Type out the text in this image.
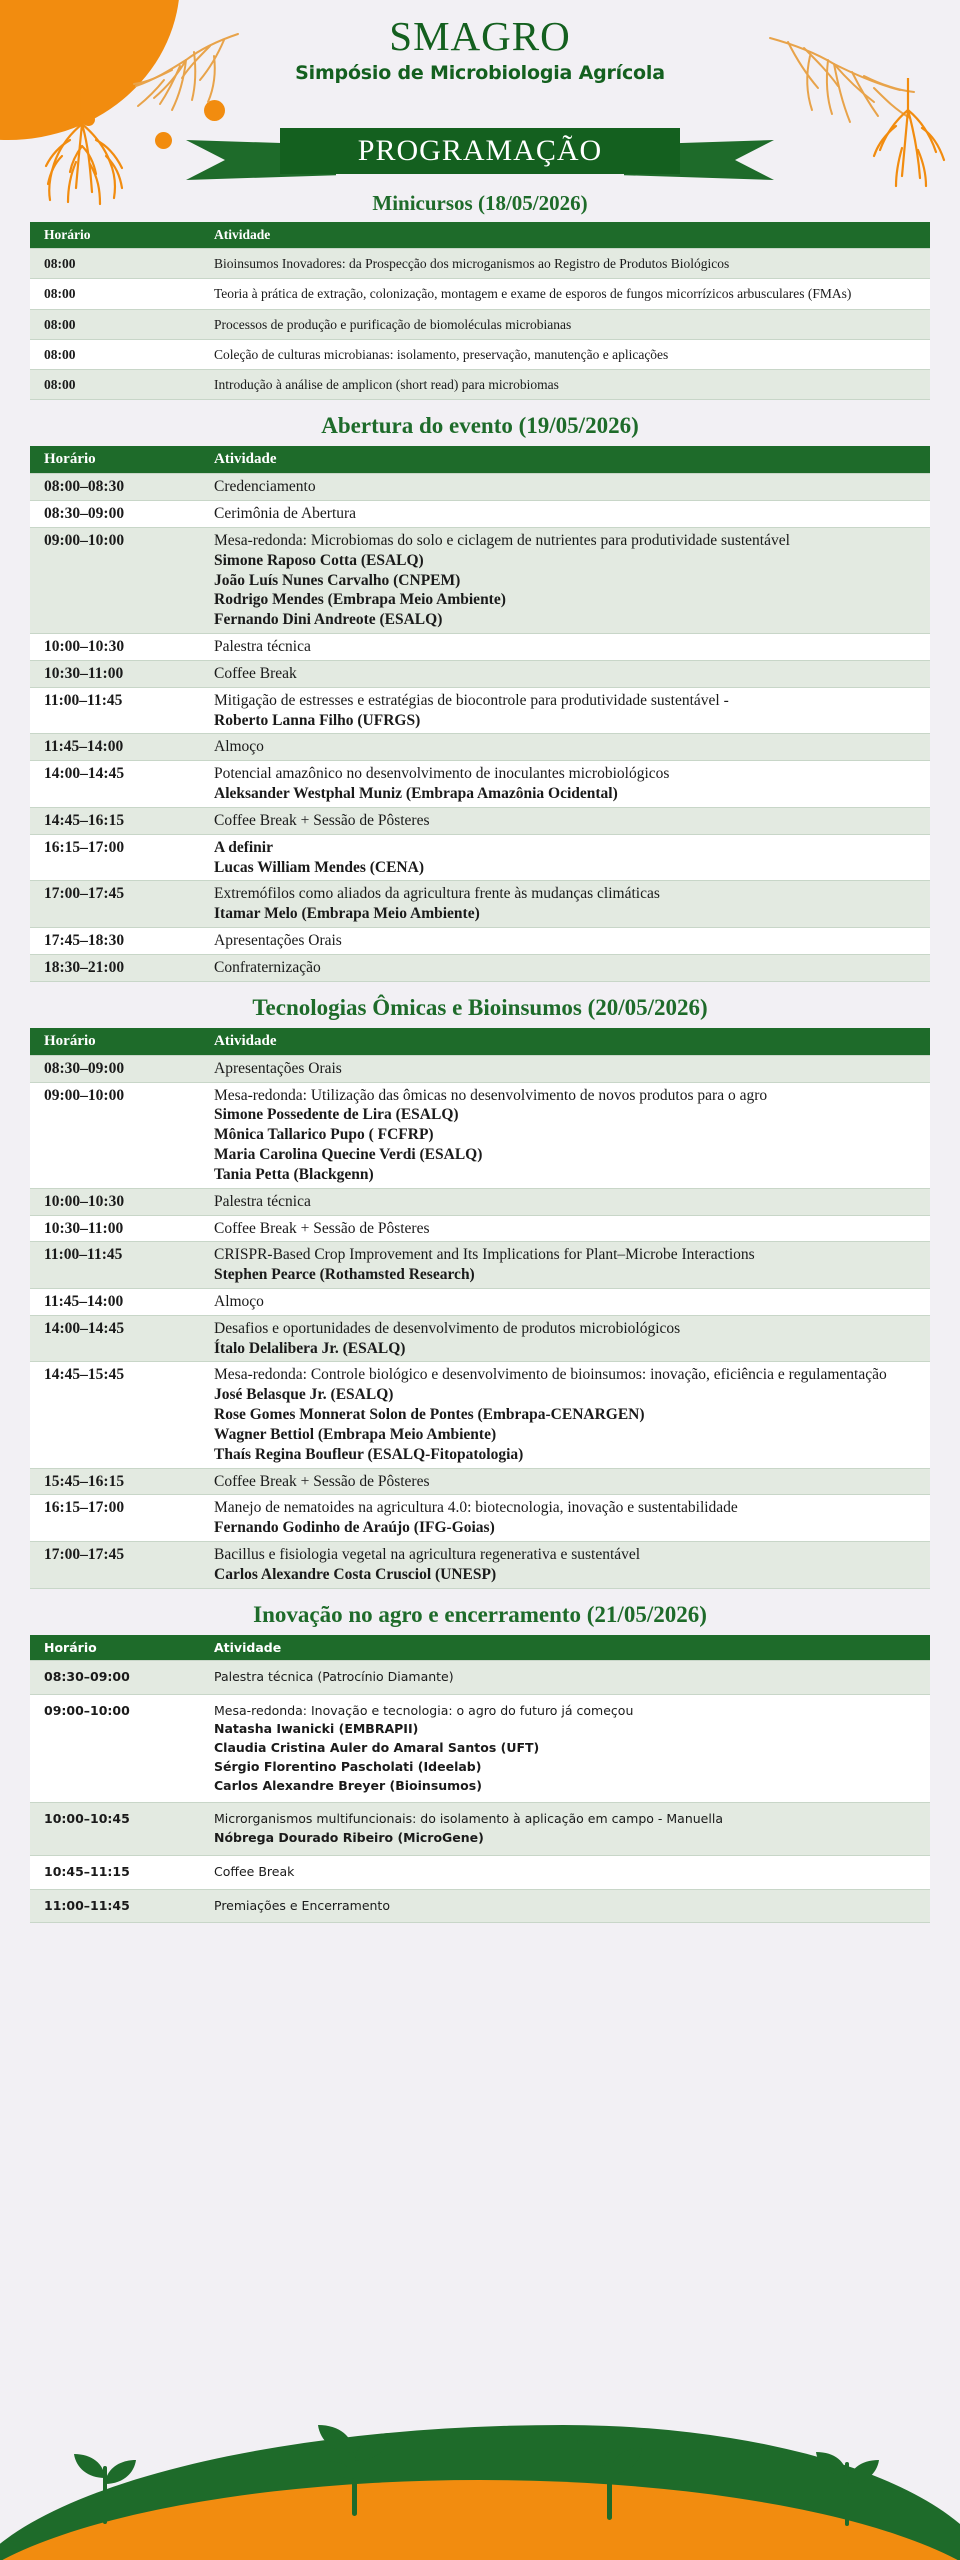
smagro
Simpósio de Microbiologia Agrícola
PROGRAMAÇÃO
Minicursos (18/05/2026)
Horário	Atividade
08:00	Bioinsumos Inovadores: da Prospecção dos microganismos ao Registro de Produtos Biológicos

08:00	Teoria à prática de extração, colonização, montagem e exame de esporos de fungos micorrízicos arbusculares (FMAs)

08:00	Processos de produção e purificação de biomoléculas microbianas

08:00	Coleção de culturas microbianas: isolamento, preservação, manutenção e aplicações

08:00	Introdução à análise de amplicon (short read) para microbiomas
Abertura do evento (19/05/2026)
Horário	Atividade
08:00–08:30	Credenciamento

08:30–09:00	Cerimônia de Abertura

09:00–10:00	Mesa-redonda: Microbiomas do solo e ciclagem de nutrientes para produtividade sustentável
Simone Raposo Cotta (ESALQ)
João Luís Nunes Carvalho (CNPEM)
Rodrigo Mendes (Embrapa Meio Ambiente)
Fernando Dini Andreote (ESALQ)

10:00–10:30	Palestra técnica

10:30–11:00	Coffee Break

11:00–11:45	Mitigação de estresses e estratégias de biocontrole para produtividade sustentável -
Roberto Lanna Filho (UFRGS)

11:45–14:00	Almoço

14:00–14:45	Potencial amazônico no desenvolvimento de inoculantes microbiológicos
Aleksander Westphal Muniz (Embrapa Amazônia Ocidental)

14:45–16:15	Coffee Break + Sessão de Pôsteres

16:15–17:00	A definir
Lucas William Mendes (CENA)

17:00–17:45	Extremófilos como aliados da agricultura frente às mudanças climáticas
Itamar Melo (Embrapa Meio Ambiente)

17:45–18:30	Apresentações Orais

18:30–21:00	Confraternização
Tecnologias Ômicas e Bioinsumos (20/05/2026)
Horário	Atividade
08:30–09:00	Apresentações Orais

09:00–10:00	Mesa-redonda: Utilização das ômicas no desenvolvimento de novos produtos para o agro
Simone Possedente de Lira (ESALQ)
Mônica Tallarico Pupo ( FCFRP)
Maria Carolina Quecine Verdi (ESALQ)
Tania Petta (Blackgenn)

10:00–10:30	Palestra técnica

10:30–11:00	Coffee Break + Sessão de Pôsteres

11:00–11:45	CRISPR-Based Crop Improvement and Its Implications for Plant–Microbe Interactions
Stephen Pearce (Rothamsted Research)

11:45–14:00	Almoço

14:00–14:45	Desafios e oportunidades de desenvolvimento de produtos microbiológicos
Ítalo Delalibera Jr. (ESALQ)

14:45–15:45	Mesa-redonda: Controle biológico e desenvolvimento de bioinsumos: inovação, eficiência e regulamentação
José Belasque Jr. (ESALQ)
Rose Gomes Monnerat Solon de Pontes (Embrapa-CENARGEN)
Wagner Bettiol (Embrapa Meio Ambiente)
Thaís Regina Boufleur (ESALQ-Fitopatologia)

15:45–16:15	Coffee Break + Sessão de Pôsteres

16:15–17:00	Manejo de nematoides na agricultura 4.0: biotecnologia, inovação e sustentabilidade
Fernando Godinho de Araújo (IFG-Goias)

17:00–17:45	Bacillus e fisiologia vegetal na agricultura regenerativa e sustentável
Carlos Alexandre Costa Crusciol (UNESP)
Inovação no agro e encerramento (21/05/2026)
Horário	Atividade
08:30–09:00	Palestra técnica (Patrocínio Diamante)

09:00–10:00	Mesa-redonda: Inovação e tecnologia: o agro do futuro já começou
Natasha Iwanicki (EMBRAPII)
Claudia Cristina Auler do Amaral Santos (UFT)
Sérgio Florentino Pascholati (Ideelab)
Carlos Alexandre Breyer (Bioinsumos)

10:00–10:45	Microrganismos multifuncionais: do isolamento à aplicação em campo - Manuella
Nóbrega Dourado Ribeiro (MicroGene)

10:45–11:15	Coffee Break

11:00–11:45	Premiações e Encerramento
